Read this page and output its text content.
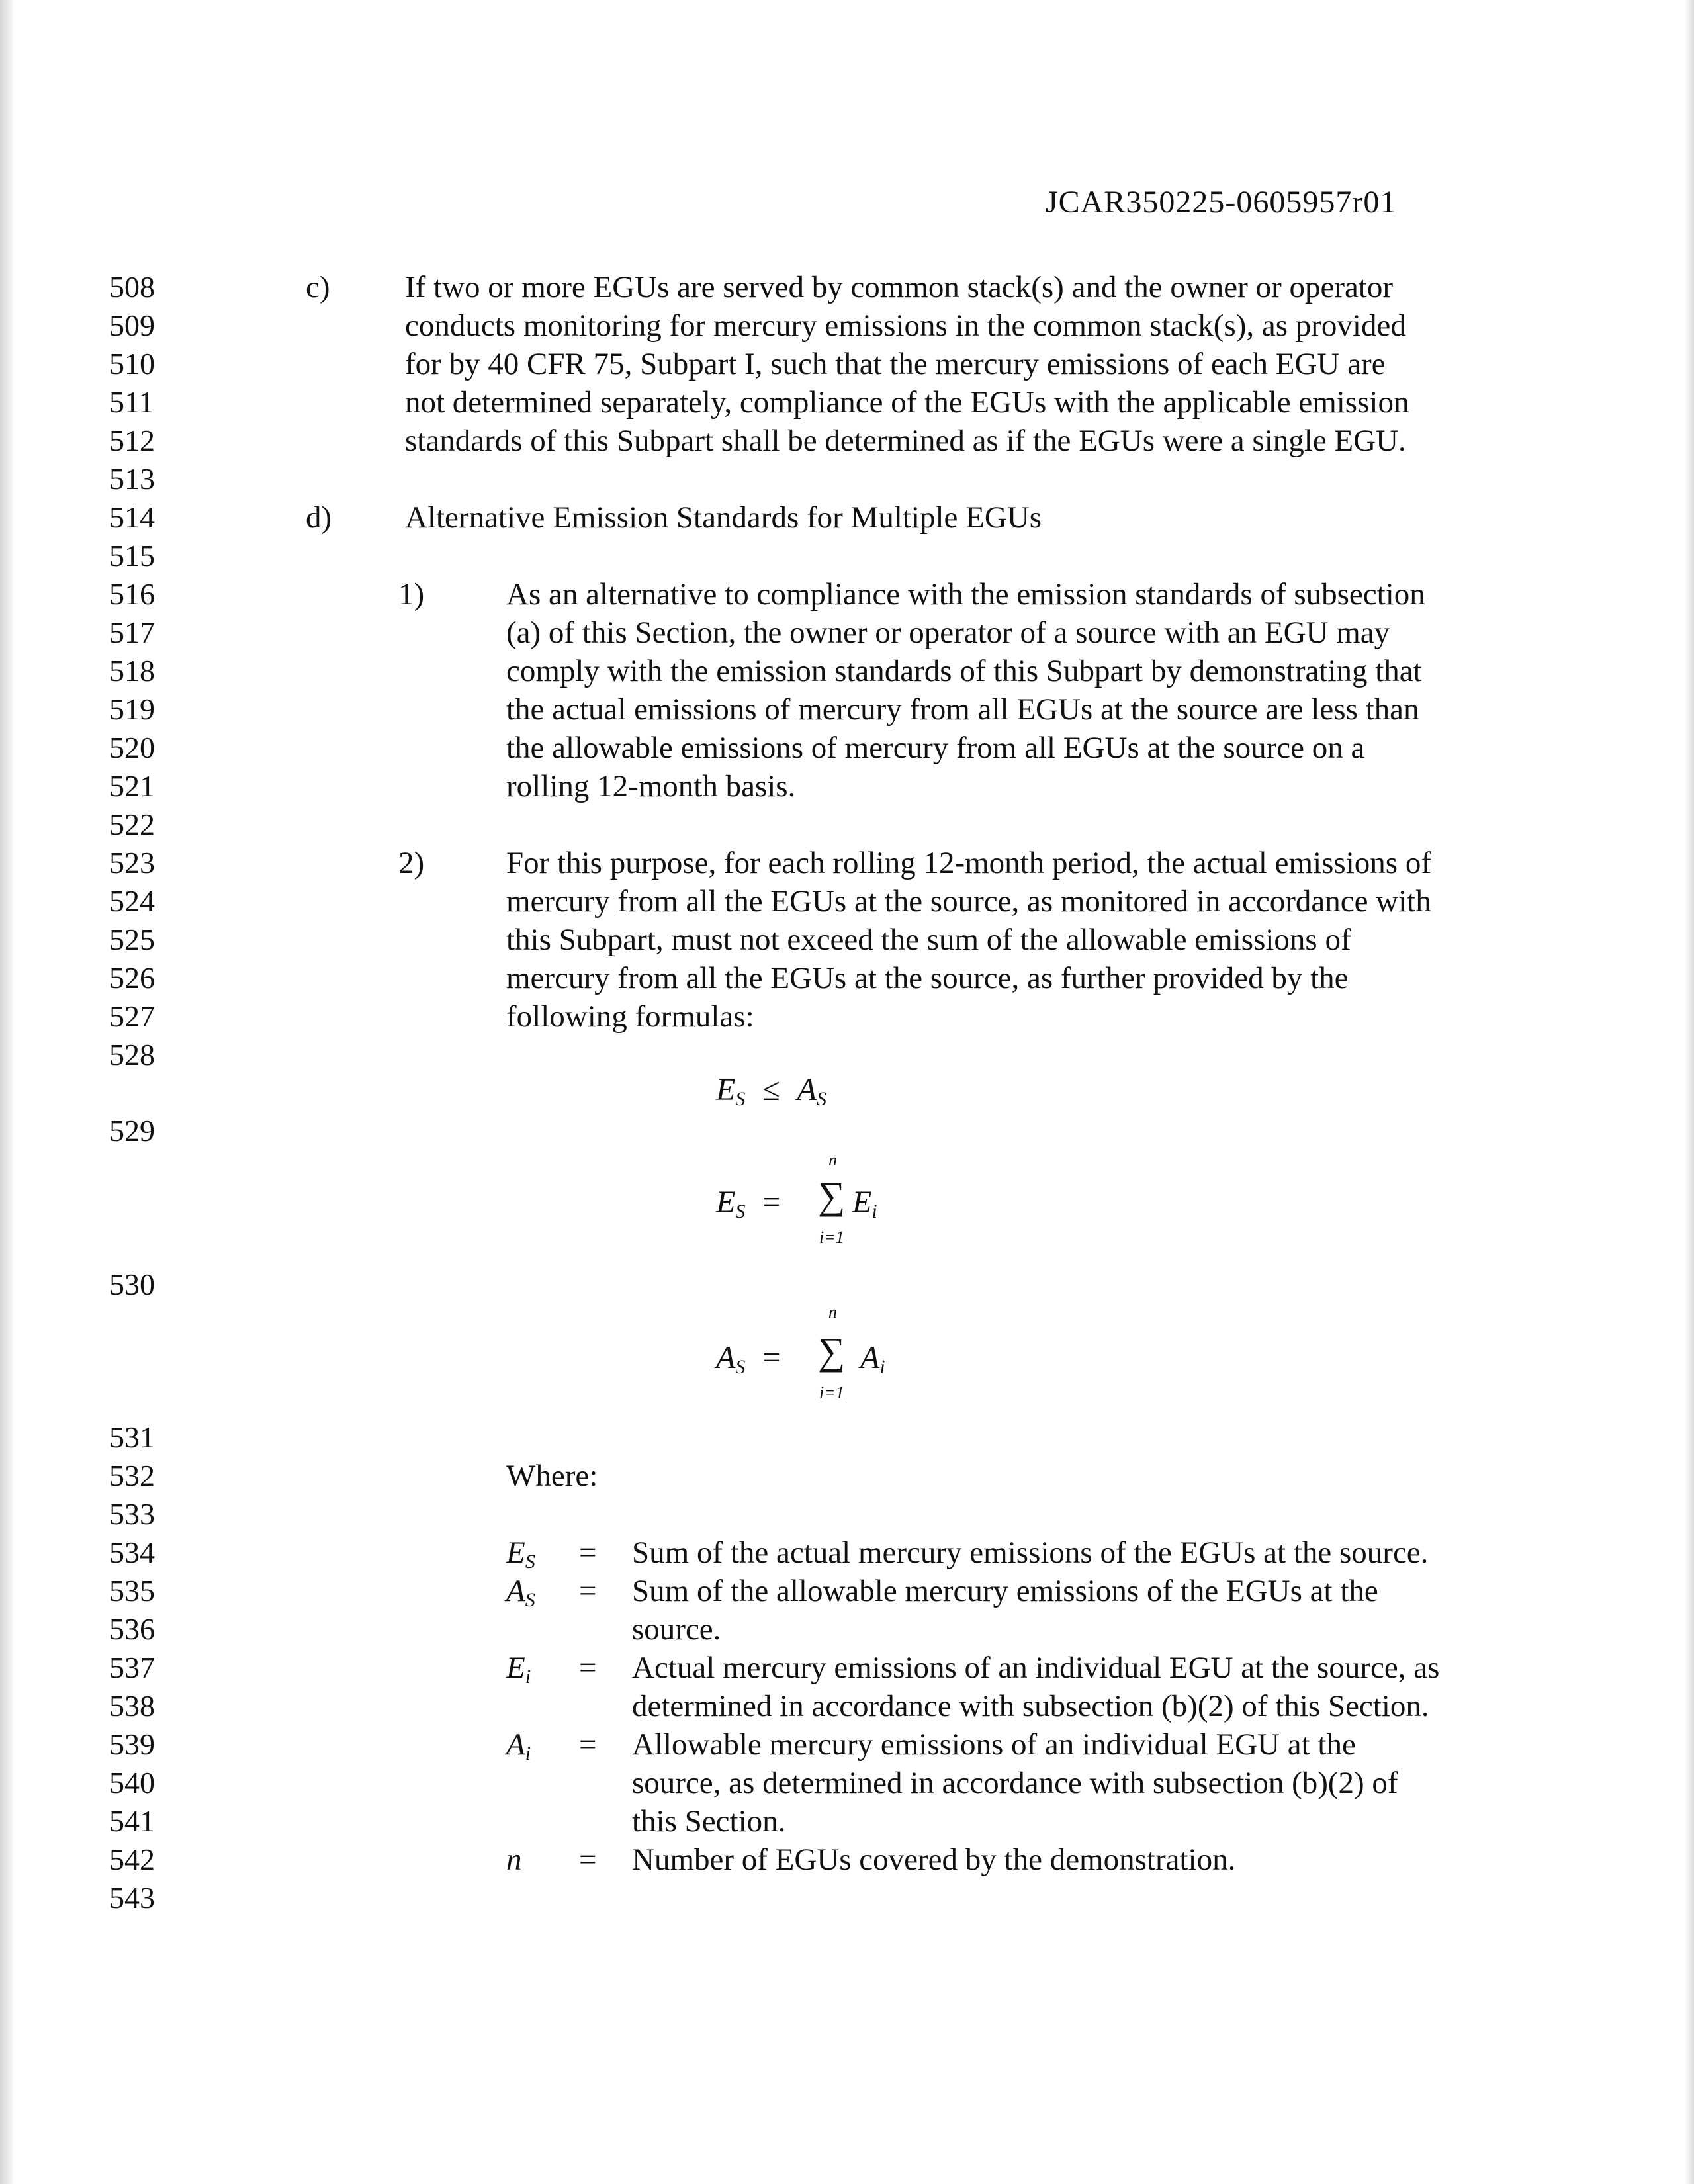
JCAR350225-0605957r01
508
509
510
511
512
513
514
515
516
517
518
519
520
521
522
523
524
525
526
527
528
529
530
531
532
533
534
535
536
537
538
539
540
541
542
543
c) If two or more EGUs are served by common stack(s) and the owner or operator
conducts monitoring for mercury emissions in the common stack(s), as provided
for by 40 CFR 75, Subpart I, such that the mercury emissions of each EGU are
not determined separately, compliance of the EGUs with the applicable emission
standards of this Subpart shall be determined as if the EGUs were a single EGU.
d) Alternative Emission Standards for Multiple EGUs
1)	As an alternative to compliance with the emission standards of subsection
(a) of this Section, the owner or operator of a source with an EGU may
comply with the emission standards of this Subpart by demonstrating that
the actual emissions of mercury from all EGUs at the source are less than
the allowable emissions of mercury from all EGUs at the source on a
rolling 12-month basis.
2)	For this purpose, for each rolling 12-month period, the actual emissions of
mercury from all the EGUs at the source, as monitored in accordance with
this Subpart, must not exceed the sum of the allowable emissions of
mercury from all the EGUs at the source, as further provided by the
following formulas:
$E_S \le A_S$
$E_S$ =
n
∑ $E_i$
i=1
$A_S$ =
n
∑ $A_i$
i=1
Where:
$E_S$ = Sum of the actual mercury emissions of the EGUs at the source.
$A_S$ = Sum of the allowable mercury emissions of the EGUs at the
source.
$E_i$ = Actual mercury emissions of an individual EGU at the source, as
determined in accordance with subsection (b)(2) of this Section.
$A_i$ = Allowable mercury emissions of an individual EGU at the
source, as determined in accordance with subsection (b)(2) of
this Section.
n = Number of EGUs covered by the demonstration.
